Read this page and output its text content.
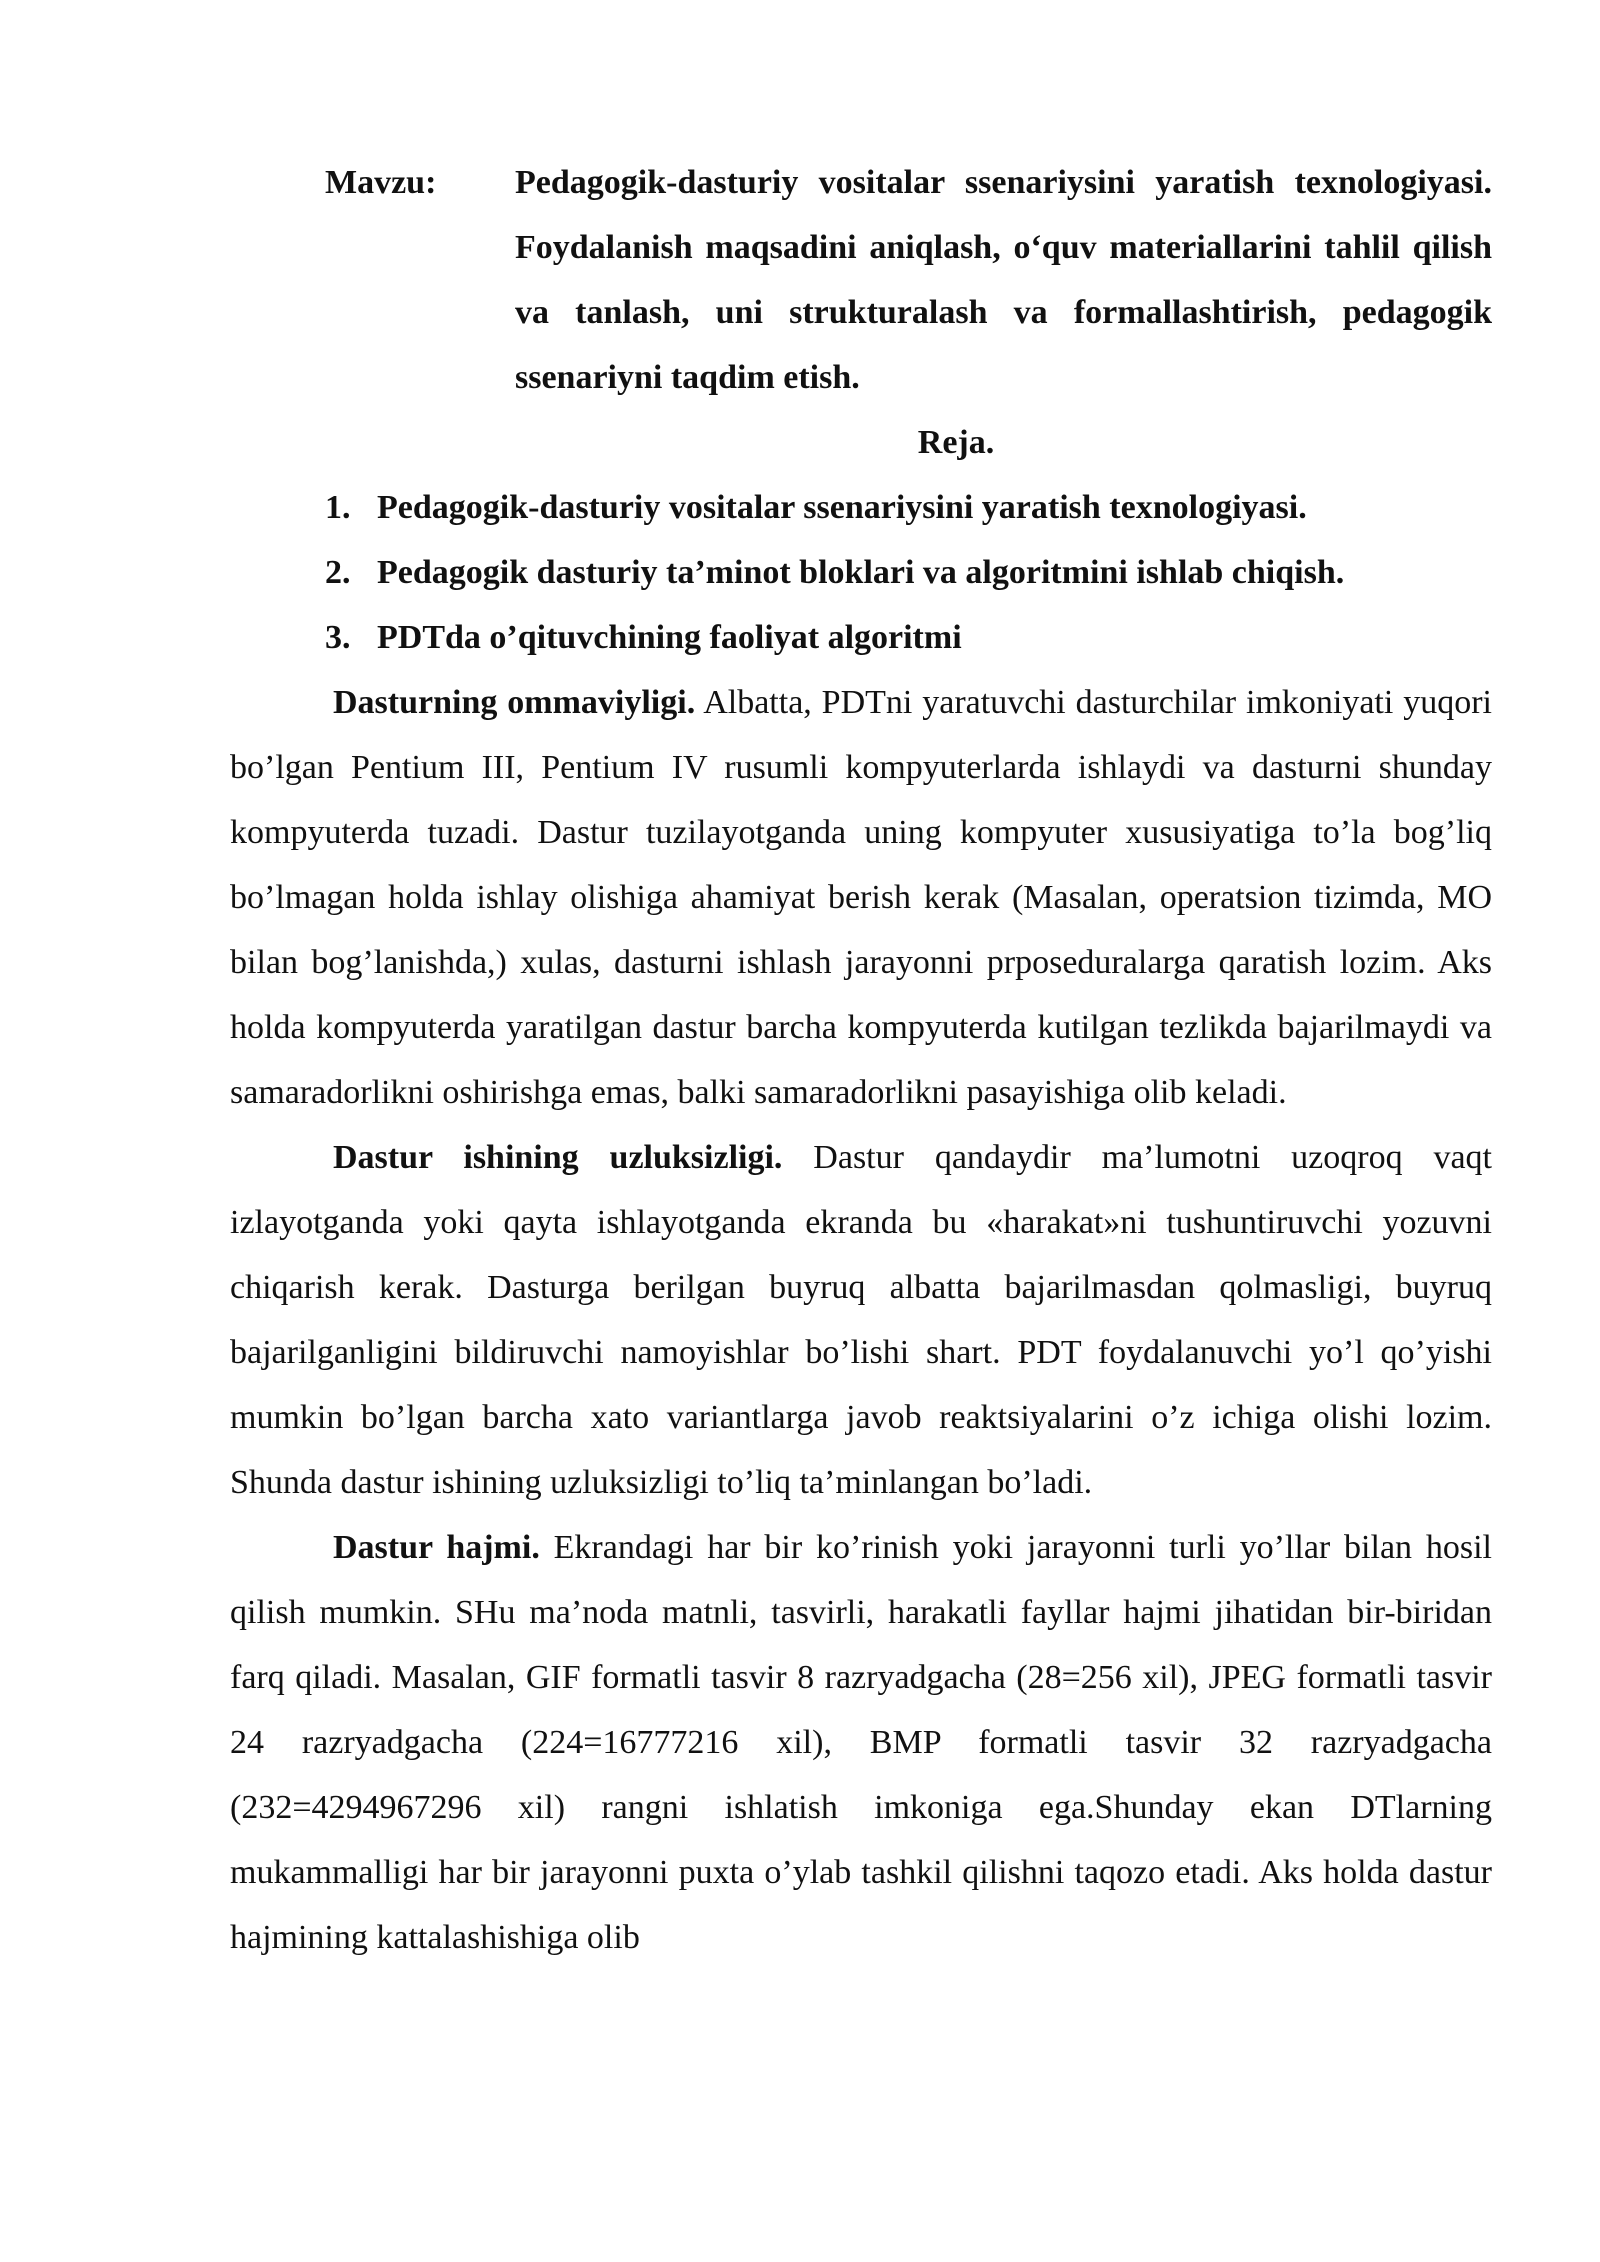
Mavzu:	Pedagogik-dasturiy vositalar ssenariysini yaratish texnologiyasi. Foydalanish maqsadini aniqlash, o‘quv materiallarini tahlil qilish va tanlash, uni strukturalash va formallashtirish, pedagogik ssenariyni taqdim etish.
Reja.
1. Pedagogik-dasturiy vositalar ssenariysini yaratish texnologiyasi.
2. Pedagogik dasturiy ta’minot bloklari va algoritmini ishlab chiqish.
3. PDTda o’qituvchining faoliyat algoritmi

Dasturning ommaviyligi. Albatta, PDTni yaratuvchi dasturchilar imkoniyati yuqori bo’lgan Pentium III, Pentium IV rusumli kompyuterlarda ishlaydi va dasturni shunday kompyuterda tuzadi. Dastur tuzilayotganda uning kompyuter xususiyatiga to’la bog’liq bo’lmagan holda ishlay olishiga ahamiyat berish kerak (Masalan, operatsion tizimda, MO bilan bog’lanishda,) xulas, dasturni ishlash jarayonni prposeduralarga qaratish lozim. Aks holda kompyuterda yaratilgan dastur barcha kompyuterda kutilgan tezlikda bajarilmaydi va samaradorlikni oshirishga emas, balki samaradorlikni pasayishiga olib keladi.

Dastur ishining uzluksizligi. Dastur qandaydir ma’lumotni uzoqroq vaqt izlayotganda yoki qayta ishlayotganda ekranda bu «harakat»ni tushuntiruvchi yozuvni chiqarish kerak. Dasturga berilgan buyruq albatta bajarilmasdan qolmasligi, buyruq bajarilganligini bildiruvchi namoyishlar bo’lishi shart. PDT foydalanuvchi yo’l qo’yishi mumkin bo’lgan barcha xato variantlarga javob reaktsiyalarini o’z ichiga olishi lozim. Shunda dastur ishining uzluksizligi to’liq ta’minlangan bo’ladi.

Dastur hajmi. Ekrandagi har bir ko’rinish yoki jarayonni turli yo’llar bilan hosil qilish mumkin. SHu ma’noda matnli, tasvirli, harakatli fayllar hajmi jihatidan bir-biridan farq qiladi. Masalan, GIF formatli tasvir 8 razryadgacha (28=256 xil), JPEG formatli tasvir 24 razryadgacha (224=16777216 xil), BMP formatli tasvir 32 razryadgacha (232=4294967296 xil) rangni ishlatish imkoniga ega.Shunday ekan DTlarning mukammalligi har bir jarayonni puxta o’ylab tashkil qilishni taqozo etadi. Aks holda dastur hajmining kattalashishiga olib
